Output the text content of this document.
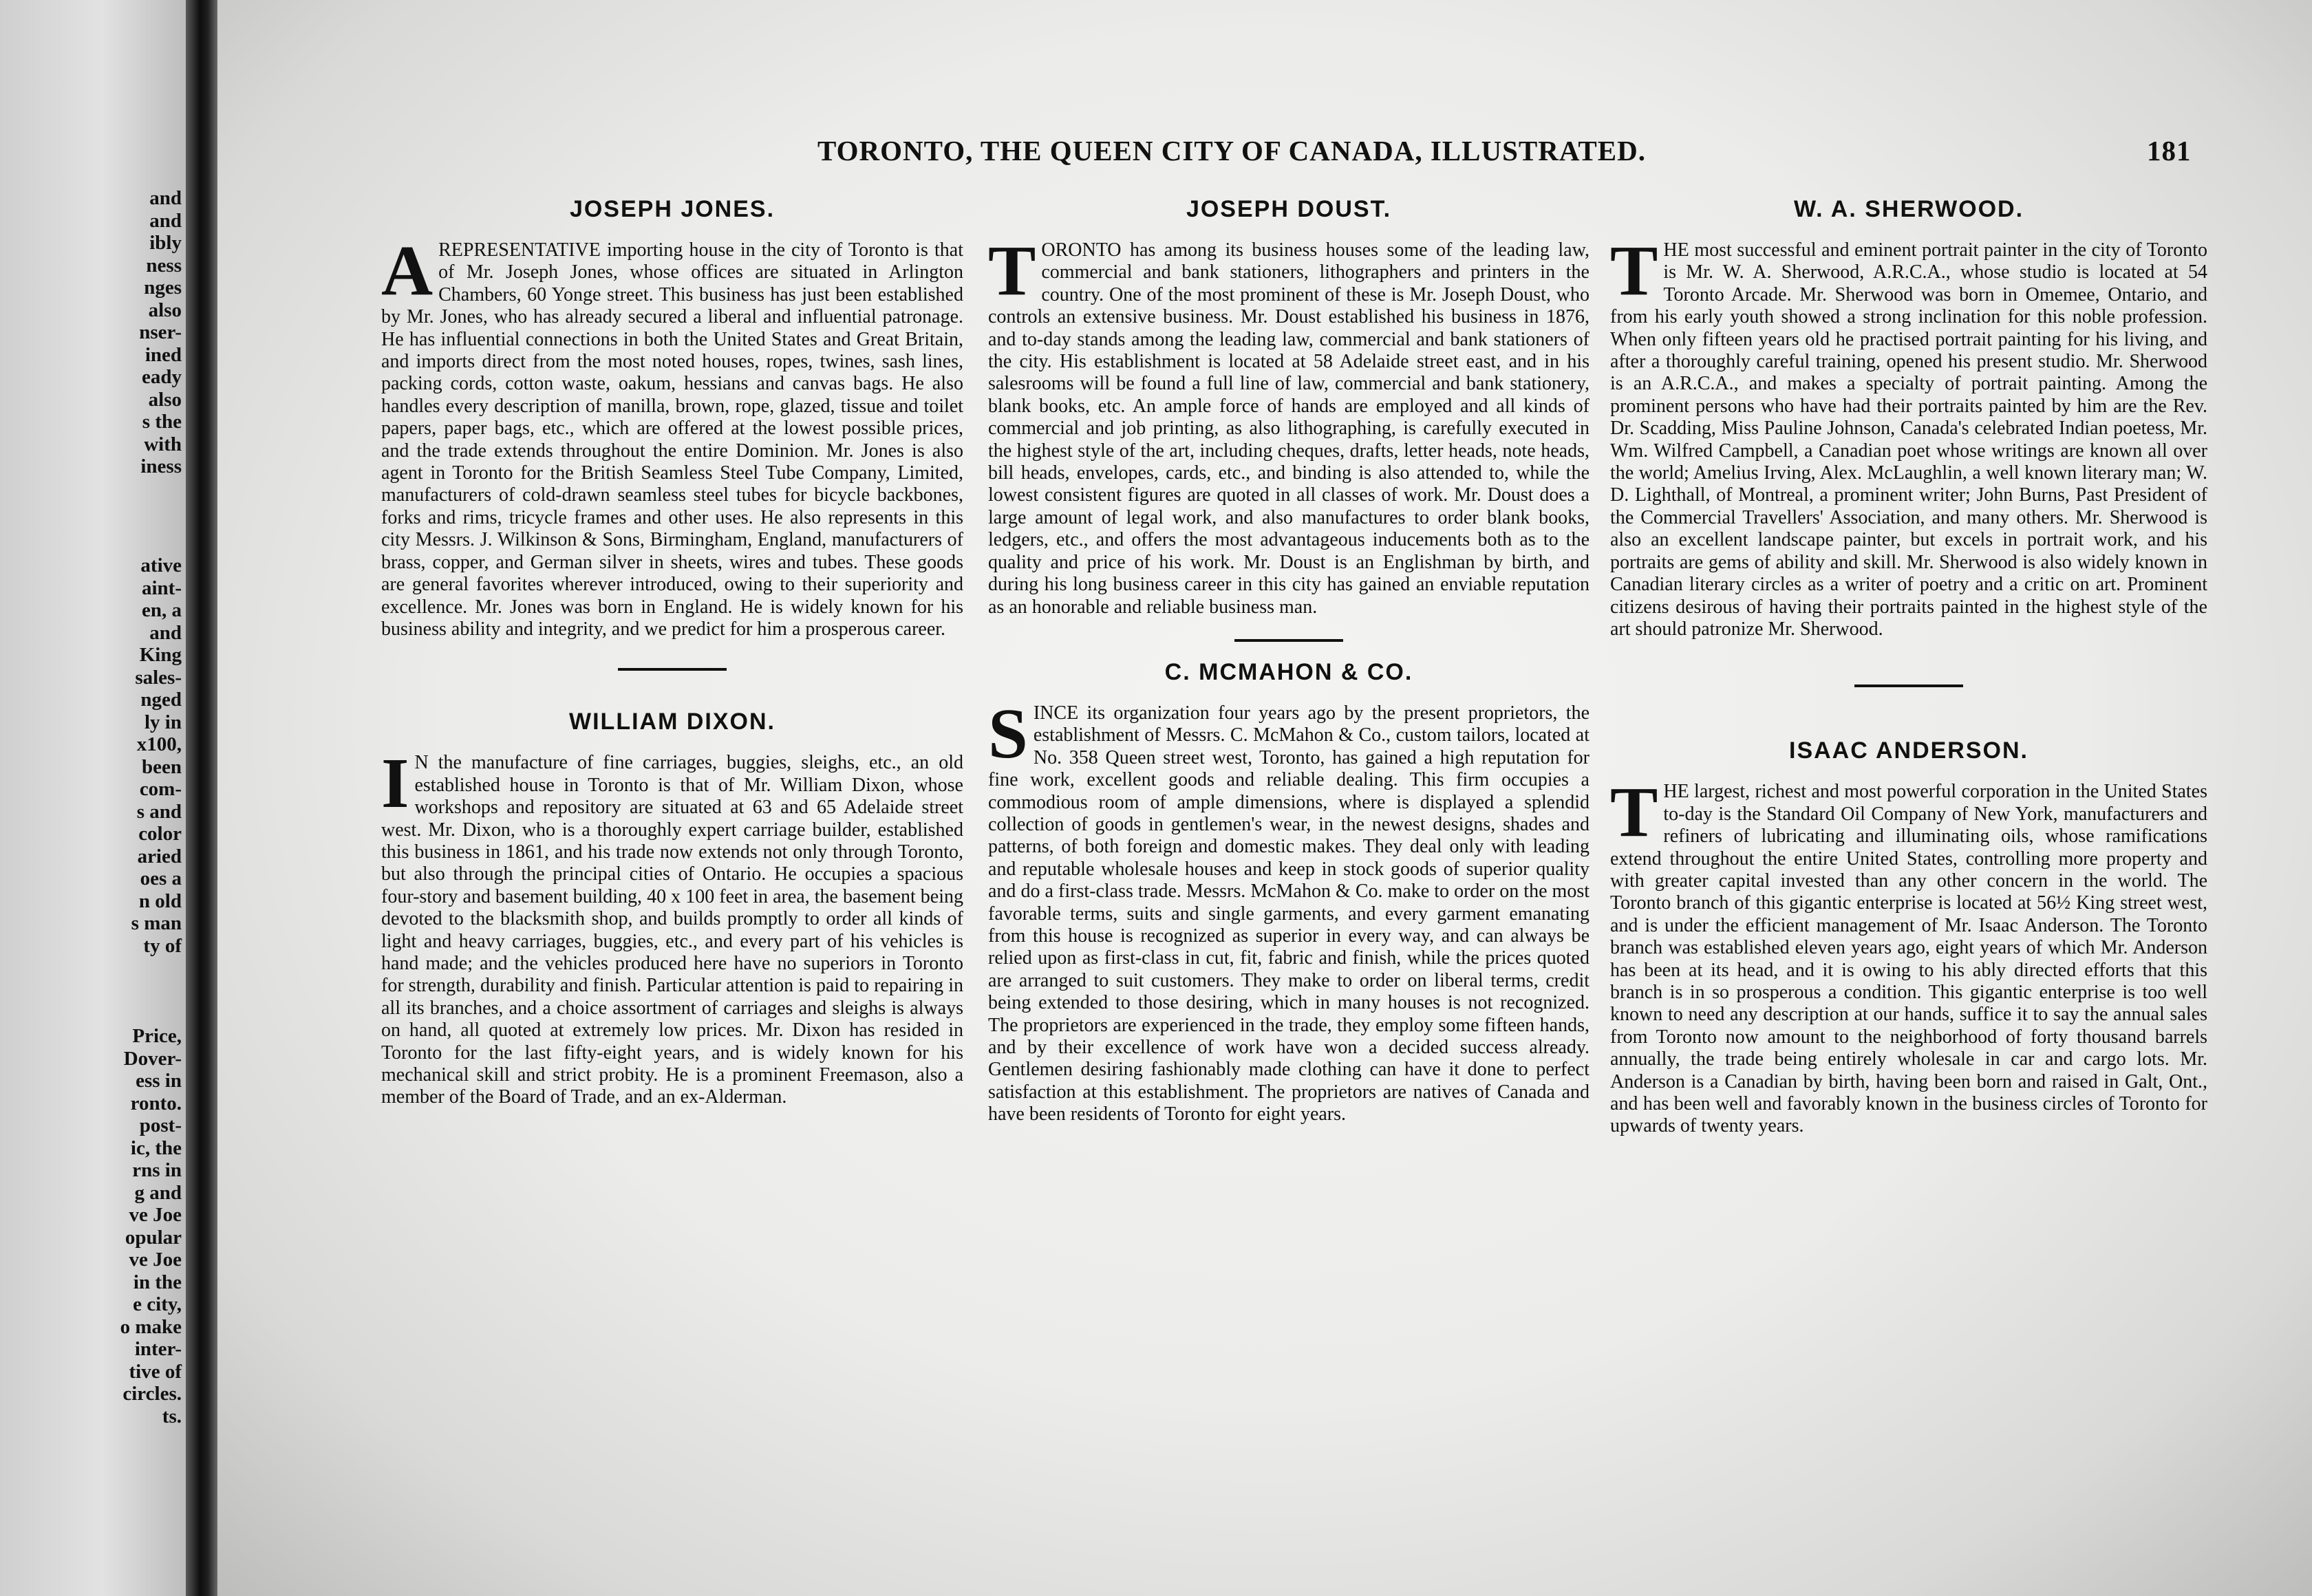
and
and
ibly
ness
nges
also
nser-
ined
eady
also
s the
with
iness
ative
aint-
en, a
and
King
sales-
nged
ly in
x100,
been
com-
s and
color
aried
oes a
n old
s man
ty of
Price,
Dover-
ess in
ronto.
post-
ic, the
rns in
g and
ve Joe
opular
ve Joe
in the
e city,
o make
inter-
tive of
circles.
ts.
TORONTO, THE QUEEN CITY OF CANADA, ILLUSTRATED.	181
JOSEPH JONES.

AREPRESENTATIVE importing house in the city of Toronto is that of Mr. Joseph Jones, whose offices are situated in Arlington Chambers, 60 Yonge street. This business has just been established by Mr. Jones, who has already secured a liberal and influential patronage. He has influential connections in both the United States and Great Britain, and imports direct from the most noted houses, ropes, twines, sash lines, packing cords, cotton waste, oakum, hessians and canvas bags. He also handles every description of manilla, brown, rope, glazed, tissue and toilet papers, paper bags, etc., which are offered at the lowest possible prices, and the trade extends throughout the entire Dominion. Mr. Jones is also agent in Toronto for the British Seamless Steel Tube Company, Limited, manufacturers of cold-drawn seamless steel tubes for bicycle backbones, forks and rims, tricycle frames and other uses. He also represents in this city Messrs. J. Wilkinson & Sons, Birmingham, England, manufacturers of brass, copper, and German silver in sheets, wires and tubes. These goods are general favorites wherever introduced, owing to their superiority and excellence. Mr. Jones was born in England. He is widely known for his business ability and integrity, and we predict for him a prosperous career.

WILLIAM DIXON.

IN the manufacture of fine carriages, buggies, sleighs, etc., an old established house in Toronto is that of Mr. William Dixon, whose workshops and repository are situated at 63 and 65 Adelaide street west. Mr. Dixon, who is a thoroughly expert carriage builder, established this business in 1861, and his trade now extends not only through Toronto, but also through the principal cities of Ontario. He occupies a spacious four-story and basement building, 40 x 100 feet in area, the basement being devoted to the blacksmith shop, and builds promptly to order all kinds of light and heavy carriages, buggies, etc., and every part of his vehicles is hand made; and the vehicles produced here have no superiors in Toronto for strength, durability and finish. Particular attention is paid to repairing in all its branches, and a choice assortment of carriages and sleighs is always on hand, all quoted at extremely low prices. Mr. Dixon has resided in Toronto for the last fifty-eight years, and is widely known for his mechanical skill and strict probity. He is a prominent Freemason, also a member of the Board of Trade, and an ex-Alderman.

JOSEPH DOUST.

TORONTO has among its business houses some of the leading law, commercial and bank stationers, lithographers and printers in the country. One of the most prominent of these is Mr. Joseph Doust, who controls an extensive business. Mr. Doust established his business in 1876, and to-day stands among the leading law, commercial and bank stationers of the city. His establishment is located at 58 Adelaide street east, and in his salesrooms will be found a full line of law, commercial and bank stationery, blank books, etc. An ample force of hands are employed and all kinds of commercial and job printing, as also lithographing, is carefully executed in the highest style of the art, including cheques, drafts, letter heads, note heads, bill heads, envelopes, cards, etc., and binding is also attended to, while the lowest consistent figures are quoted in all classes of work. Mr. Doust does a large amount of legal work, and also manufactures to order blank books, ledgers, etc., and offers the most advantageous inducements both as to the quality and price of his work. Mr. Doust is an Englishman by birth, and during his long business career in this city has gained an enviable reputation as an honorable and reliable business man.

C. MCMAHON & CO.

SINCE its organization four years ago by the present proprietors, the establishment of Messrs. C. McMahon & Co., custom tailors, located at No. 358 Queen street west, Toronto, has gained a high reputation for fine work, excellent goods and reliable dealing. This firm occupies a commodious room of ample dimensions, where is displayed a splendid collection of goods in gentlemen's wear, in the newest designs, shades and patterns, of both foreign and domestic makes. They deal only with leading and reputable wholesale houses and keep in stock goods of superior quality and do a first-class trade. Messrs. McMahon & Co. make to order on the most favorable terms, suits and single garments, and every garment emanating from this house is recognized as superior in every way, and can always be relied upon as first-class in cut, fit, fabric and finish, while the prices quoted are arranged to suit customers. They make to order on liberal terms, credit being extended to those desiring, which in many houses is not recognized. The proprietors are experienced in the trade, they employ some fifteen hands, and by their excellence of work have won a decided success already. Gentlemen desiring fashionably made clothing can have it done to perfect satisfaction at this establishment. The proprietors are natives of Canada and have been residents of Toronto for eight years.

W. A. SHERWOOD.

THE most successful and eminent portrait painter in the city of Toronto is Mr. W. A. Sherwood, A.R.C.A., whose studio is located at 54 Toronto Arcade. Mr. Sherwood was born in Omemee, Ontario, and from his early youth showed a strong inclination for this noble profession. When only fifteen years old he practised portrait painting for his living, and after a thoroughly careful training, opened his present studio. Mr. Sherwood is an A.R.C.A., and makes a specialty of portrait painting. Among the prominent persons who have had their portraits painted by him are the Rev. Dr. Scadding, Miss Pauline Johnson, Canada's celebrated Indian poetess, Mr. Wm. Wilfred Campbell, a Canadian poet whose writings are known all over the world; Amelius Irving, Alex. McLaughlin, a well known literary man; W. D. Lighthall, of Montreal, a prominent writer; John Burns, Past President of the Commercial Travellers' Association, and many others. Mr. Sherwood is also an excellent landscape painter, but excels in portrait work, and his portraits are gems of ability and skill. Mr. Sherwood is also widely known in Canadian literary circles as a writer of poetry and a critic on art. Prominent citizens desirous of having their portraits painted in the highest style of the art should patronize Mr. Sherwood.

ISAAC ANDERSON.

THE largest, richest and most powerful corporation in the United States to-day is the Standard Oil Company of New York, manufacturers and refiners of lubricating and illuminating oils, whose ramifications extend throughout the entire United States, controlling more property and with greater capital invested than any other concern in the world. The Toronto branch of this gigantic enterprise is located at 56½ King street west, and is under the efficient management of Mr. Isaac Anderson. The Toronto branch was established eleven years ago, eight years of which Mr. Anderson has been at its head, and it is owing to his ably directed efforts that this branch is in so prosperous a condition. This gigantic enterprise is too well known to need any description at our hands, suffice it to say the annual sales from Toronto now amount to the neighborhood of forty thousand barrels annually, the trade being entirely wholesale in car and cargo lots. Mr. Anderson is a Canadian by birth, having been born and raised in Galt, Ont., and has been well and favorably known in the business circles of Toronto for upwards of twenty years.
